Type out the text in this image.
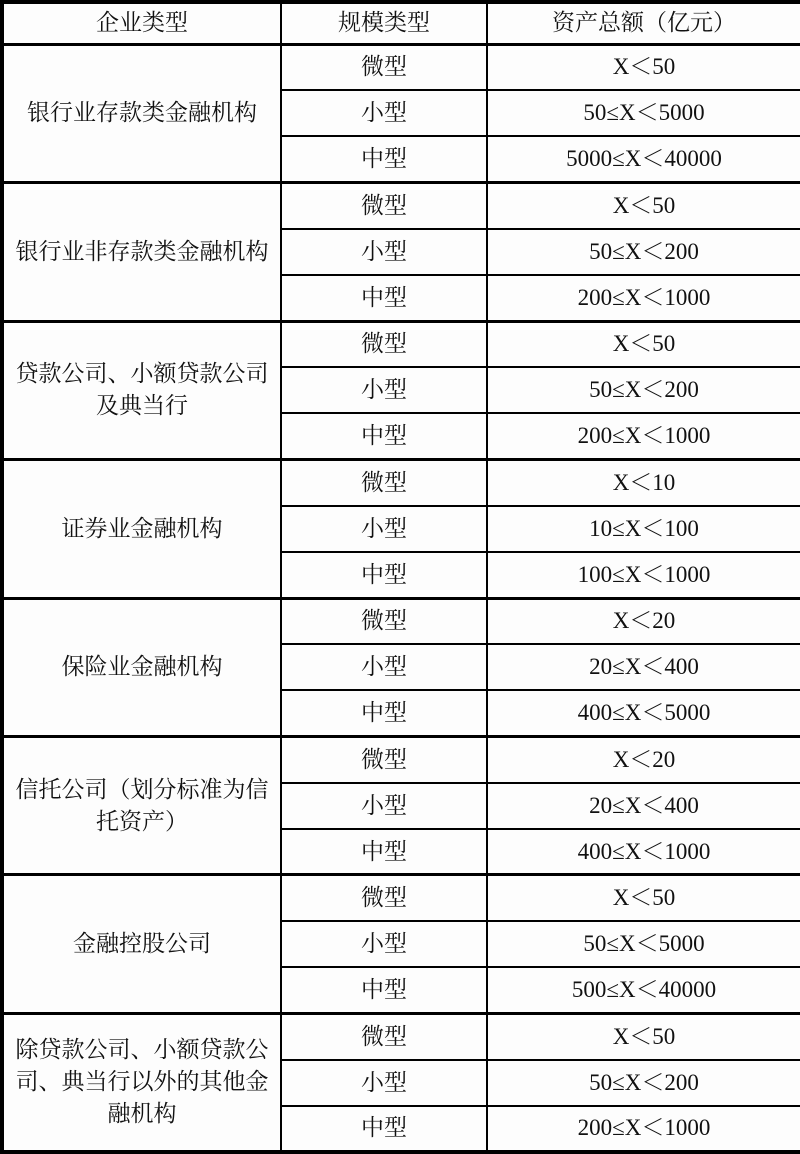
企业类型	规模类型	资产总额（亿元）
银行业存款类金融机构	微型	X＜50
	小型	50≤X＜5000
	中型	5000≤X＜40000
银行业非存款类金融机构	微型	X＜50
	小型	50≤X＜200
	中型	200≤X＜1000
贷款公司、小额贷款公司及典当行	微型	X＜50
	小型	50≤X＜200
	中型	200≤X＜1000
证券业金融机构	微型	X＜10
	小型	10≤X＜100
	中型	100≤X＜1000
保险业金融机构	微型	X＜20
	小型	20≤X＜400
	中型	400≤X＜5000
信托公司（划分标准为信托资产）	微型	X＜20
	小型	20≤X＜400
	中型	400≤X＜1000
金融控股公司	微型	X＜50
	小型	50≤X＜5000
	中型	500≤X＜40000
除贷款公司、小额贷款公司、典当行以外的其他金融机构	微型	X＜50
	小型	50≤X＜200
	中型	200≤X＜1000
